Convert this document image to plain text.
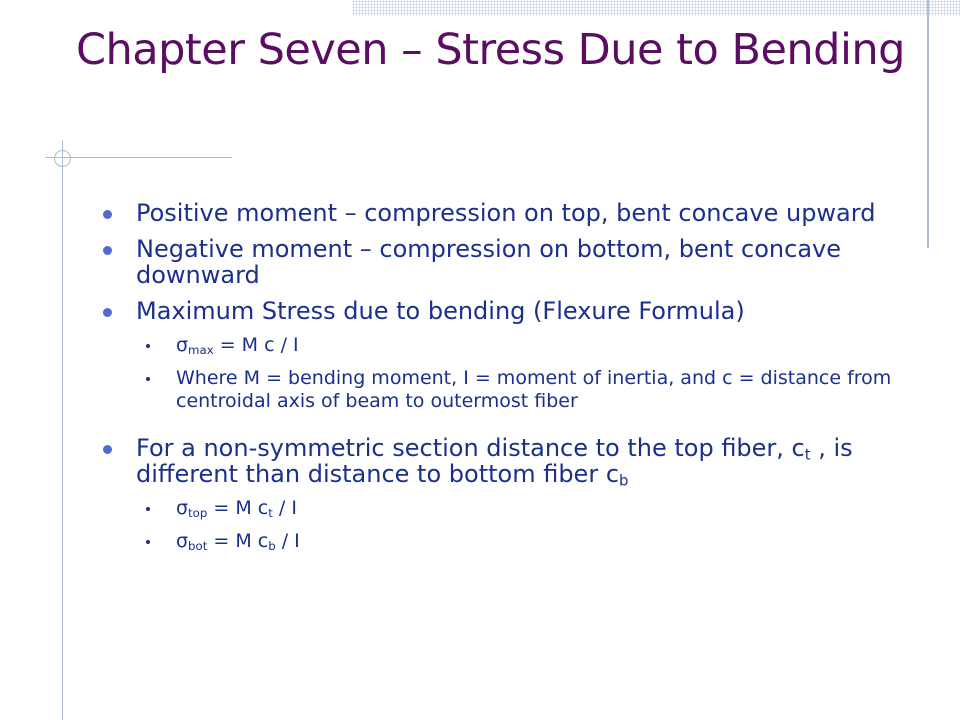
Chapter Seven – Stress Due to Bending
Positive moment – compression on top, bent concave upward
Negative moment – compression on bottom, bent concave downward
Maximum Stress due to bending (Flexure Formula)
$\sigma_{max} = M$ c / I
Where M = bending moment, I = moment of inertia, and c = distance from centroidal axis of beam to outermost fiber
For a non-symmetric section distance to the top fiber, $c_t$ , is different than distance to bottom fiber $c_b$
$\sigma_{top} = M$ $c_t$ / I
$\sigma_{bot} = M$ $c_b$ / I
